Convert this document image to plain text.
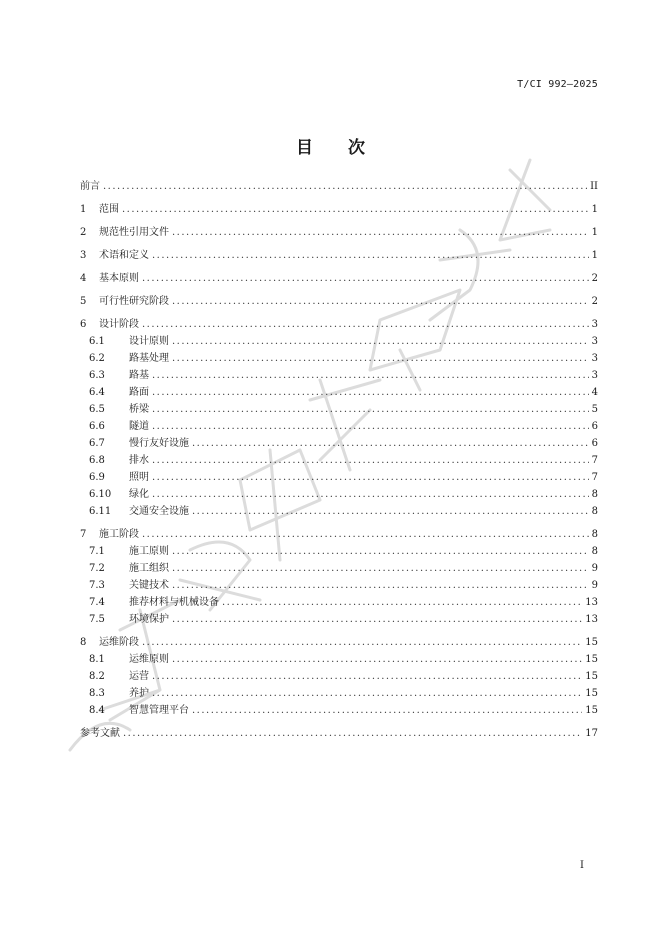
T/CI 992—2025
目 次
前言 .....	II
1	范围 .....	1
2	规范性引用文件 .....	1
3	术语和定义 .....	1
4	基本原则 .....	2
5	可行性研究阶段 .....	2
6	设计阶段 .....	3
6.1	设计原则 .....	3
6.2	路基处理 .....	3
6.3	路基 .....	3
6.4	路面 .....	4
6.5	桥梁 .....	5
6.6	隧道 .....	6
6.7	慢行友好设施 .....	6
6.8	排水 .....	7
6.9	照明 .....	7
6.10	绿化 .....	8
6.11	交通安全设施 .....	8
7	施工阶段 .....	8
7.1	施工原则 .....	8
7.2	施工组织 .....	9
7.3	关键技术 .....	9
7.4	推荐材料与机械设备 .....	13
7.5	环境保护 .....	13
8	运维阶段 .....	15
8.1	运维原则 .....	15
8.2	运营 .....	15
8.3	养护 .....	15
8.4	智慧管理平台 .....	15
参考文献 .....	17
I
